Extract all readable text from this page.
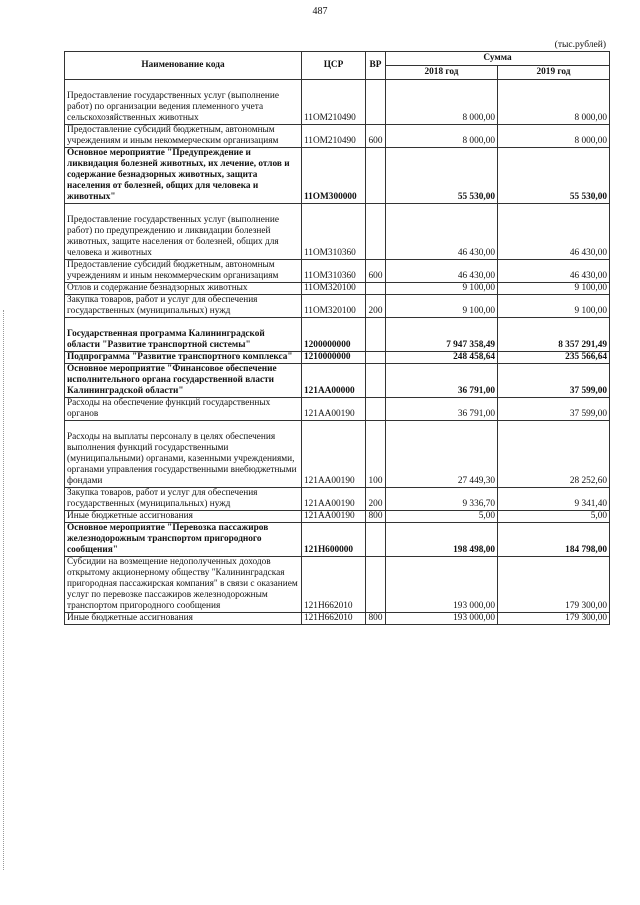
487
(тыс.рублей)
Наименование кода	ЦСР	ВР	Сумма	
			2018 год	2019 год

Предоставление государственных услуг (выполнение работ) по организации ведения племенного учета сельскохозяйственных животных	11ОМ210490		8 000,00	8 000,00
Предоставление субсидий бюджетным, автономным учреждениям и иным некоммерческим организациям	11ОМ210490	600	8 000,00	8 000,00
Основное мероприятие "Предупреждение и ликвидация болезней животных, их лечение, отлов и содержание безнадзорных животных, защита населения от болезней, общих для человека и животных"	11ОМ300000		55 530,00	55 530,00

Предоставление государственных услуг (выполнение работ) по предупреждению и ликвидации болезней животных, защите населения от болезней, общих для человека и животных	11ОМ310360		46 430,00	46 430,00
Предоставление субсидий бюджетным, автономным учреждениям и иным некоммерческим организациям	11ОМ310360	600	46 430,00	46 430,00
Отлов и содержание безнадзорных животных	11ОМ320100		9 100,00	9 100,00
Закупка товаров, работ и услуг для обеспечения государственных (муниципальных) нужд	11ОМ320100	200	9 100,00	9 100,00

Государственная программа Калининградской области "Развитие транспортной системы"	1200000000		7 947 358,49	8 357 291,49
Подпрограмма "Развитие транспортного комплекса"	1210000000		248 458,64	235 566,64
Основное мероприятие "Финансовое обеспечение исполнительного органа государственной власти Калининградской области"	121АА00000		36 791,00	37 599,00
Расходы на обеспечение функций государственных органов	121АА00190		36 791,00	37 599,00

Расходы на выплаты персоналу в целях обеспечения выполнения функций государственными (муниципальными) органами, казенными учреждениями, органами управления государственными внебюджетными фондами	121АА00190	100	27 449,30	28 252,60
Закупка товаров, работ и услуг для обеспечения государственных (муниципальных) нужд	121АА00190	200	9 336,70	9 341,40
Иные бюджетные ассигнования	121АА00190	800	5,00	5,00
Основное мероприятие "Перевозка пассажиров железнодорожным транспортом пригородного сообщения"	121Н600000		198 498,00	184 798,00
Субсидии на возмещение недополученных доходов открытому акционерному обществу "Калининградская пригородная пассажирская компания" в связи с оказанием услуг по перевозке пассажиров железнодорожным транспортом пригородного сообщения	121Н662010		193 000,00	179 300,00
Иные бюджетные ассигнования	121Н662010	800	193 000,00	179 300,00
